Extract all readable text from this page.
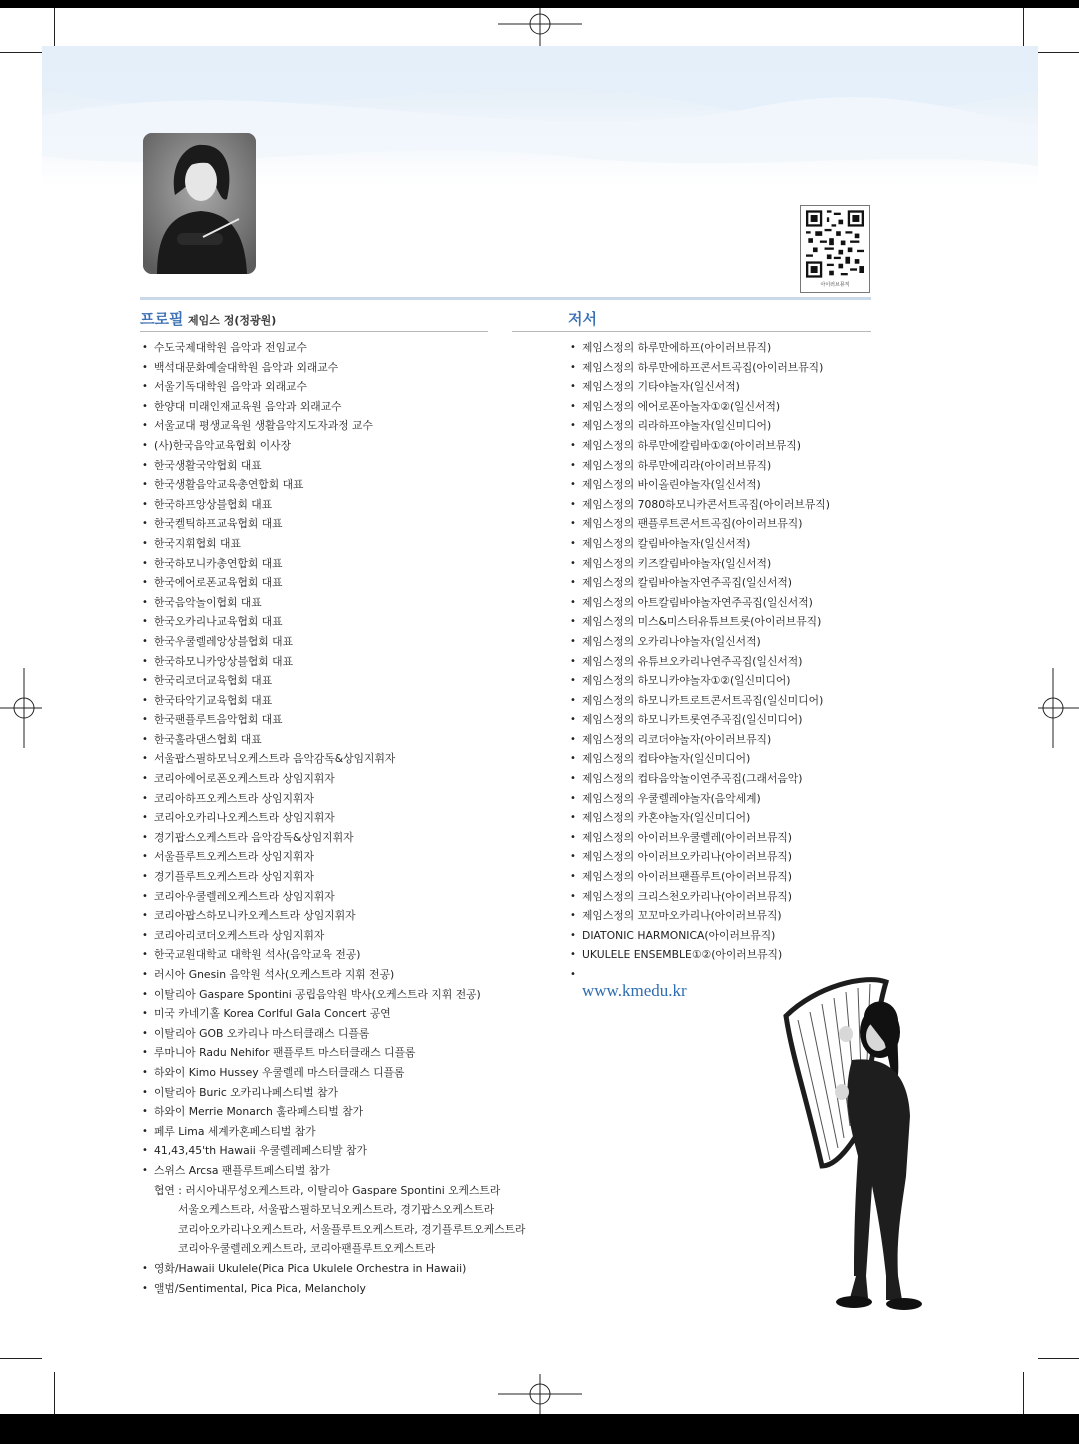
아이러브뮤직
프로필 제임스 정(정광원)
• 수도국제대학원 음악과 전임교수
• 백석대문화예술대학원 음악과 외래교수
• 서울기독대학원 음악과 외래교수
• 한양대 미래인재교육원 음악과 외래교수
• 서울교대 평생교육원 생활음악지도자과정 교수
• (사)한국음악교육협회 이사장
• 한국생활국악협회 대표
• 한국생활음악교육총연합회 대표
• 한국하프앙상블협회 대표
• 한국켈틱하프교육협회 대표
• 한국지휘협회 대표
• 한국하모니카총연합회 대표
• 한국에어로폰교육협회 대표
• 한국음악놀이협회 대표
• 한국오카리나교육협회 대표
• 한국우쿨렐레앙상블협회 대표
• 한국하모니카앙상블협회 대표
• 한국리코더교육협회 대표
• 한국타악기교육협회 대표
• 한국팬플루트음악협회 대표
• 한국훌라댄스협회 대표
• 서울팝스필하모닉오케스트라 음악감독&상임지휘자
• 코리아에어로폰오케스트라 상임지휘자
• 코리아하프오케스트라 상임지휘자
• 코리아오카리나오케스트라 상임지휘자
• 경기팝스오케스트라 음악감독&상임지휘자
• 서울플루트오케스트라 상임지휘자
• 경기플루트오케스트라 상임지휘자
• 코리아우쿨렐레오케스트라 상임지휘자
• 코리아팝스하모니카오케스트라 상임지휘자
• 코리아리코더오케스트라 상임지휘자
• 한국교원대학교 대학원 석사(음악교육 전공)
• 러시아 Gnesin 음악원 석사(오케스트라 지휘 전공)
• 이탈리아 Gaspare Spontini 공립음악원 박사(오케스트라 지휘 전공)
• 미국 카네기홀 Korea Corlful Gala Concert 공연
• 이탈리아 GOB 오카리나 마스터클래스 디플롬
• 루마니아 Radu Nehifor 팬플루트 마스터클래스 디플롬
• 하와이 Kimo Hussey 우쿨렐레 마스터클래스 디플롬
• 이탈리아 Buric 오카리나페스티벌 참가
• 하와이 Merrie Monarch 훌라페스티벌 참가
• 페루 Lima 세계카혼페스티벌 참가
• 41,43,45'th Hawaii 우쿨렐레페스티발 참가
• 스위스 Arcsa 팬플루트페스티벌 참가
협연 : 러시아내무성오케스트라, 이탈리아 Gaspare Spontini 오케스트라
서울오케스트라, 서울팝스필하모닉오케스트라, 경기팝스오케스트라
코리아오카리나오케스트라, 서울플루트오케스트라, 경기플루트오케스트라
코리아우쿨렐레오케스트라, 코리아팬플루트오케스트라
• 영화/Hawaii Ukulele(Pica Pica Ukulele Orchestra in Hawaii)
• 앨범/Sentimental, Pica Pica, Melancholy
저서
• 제임스정의 하루만에하프(아이러브뮤직)
• 제임스정의 하루만에하프콘서트곡집(아이러브뮤직)
• 제임스정의 기타야놀자(일신서적)
• 제임스정의 에어로폰아놀자①②(일신서적)
• 제임스정의 리라하프야놀자(일신미디어)
• 제임스정의 하루만에칼림바①②(아이러브뮤직)
• 제임스정의 하루만에리라(아이러브뮤직)
• 제임스정의 바이올린야놀자(일신서적)
• 제임스정의 7080하모니카콘서트곡집(아이러브뮤직)
• 제임스정의 팬플루트콘서트곡집(아이러브뮤직)
• 제임스정의 칼림바야놀자(일신서적)
• 제임스정의 키즈칼림바야놀자(일신서적)
• 제임스정의 칼림바야놀자연주곡집(일신서적)
• 제임스정의 아트칼림바야놀자연주곡집(일신서적)
• 제임스정의 미스&미스터유튜브트롯(아이러브뮤직)
• 제임스정의 오카리나야놀자(일신서적)
• 제임스정의 유튜브오카리나연주곡집(일신서적)
• 제임스정의 하모니카야놀자①②(일신미디어)
• 제임스정의 하모니카트로트콘서트곡집(일신미디어)
• 제임스정의 하모니카트롯연주곡집(일신미디어)
• 제임스정의 리코더야놀자(아이러브뮤직)
• 제임스정의 컵타야놀자(일신미디어)
• 제임스정의 컵타음악놀이연주곡집(그래서음악)
• 제임스정의 우쿨렐레야놀자(음악세계)
• 제임스정의 카혼야놀자(일신미디어)
• 제임스정의 아이러브우쿨렐레(아이러브뮤직)
• 제임스정의 아이러브오카리나(아이러브뮤직)
• 제임스정의 아이러브팬플루트(아이러브뮤직)
• 제임스정의 크리스천오카리나(아이러브뮤직)
• 제임스정의 꼬꼬마오카리나(아이러브뮤직)
• DIATONIC HARMONICA(아이러브뮤직)
• UKULELE ENSEMBLE①②(아이러브뮤직)
•
www.kmedu.kr
